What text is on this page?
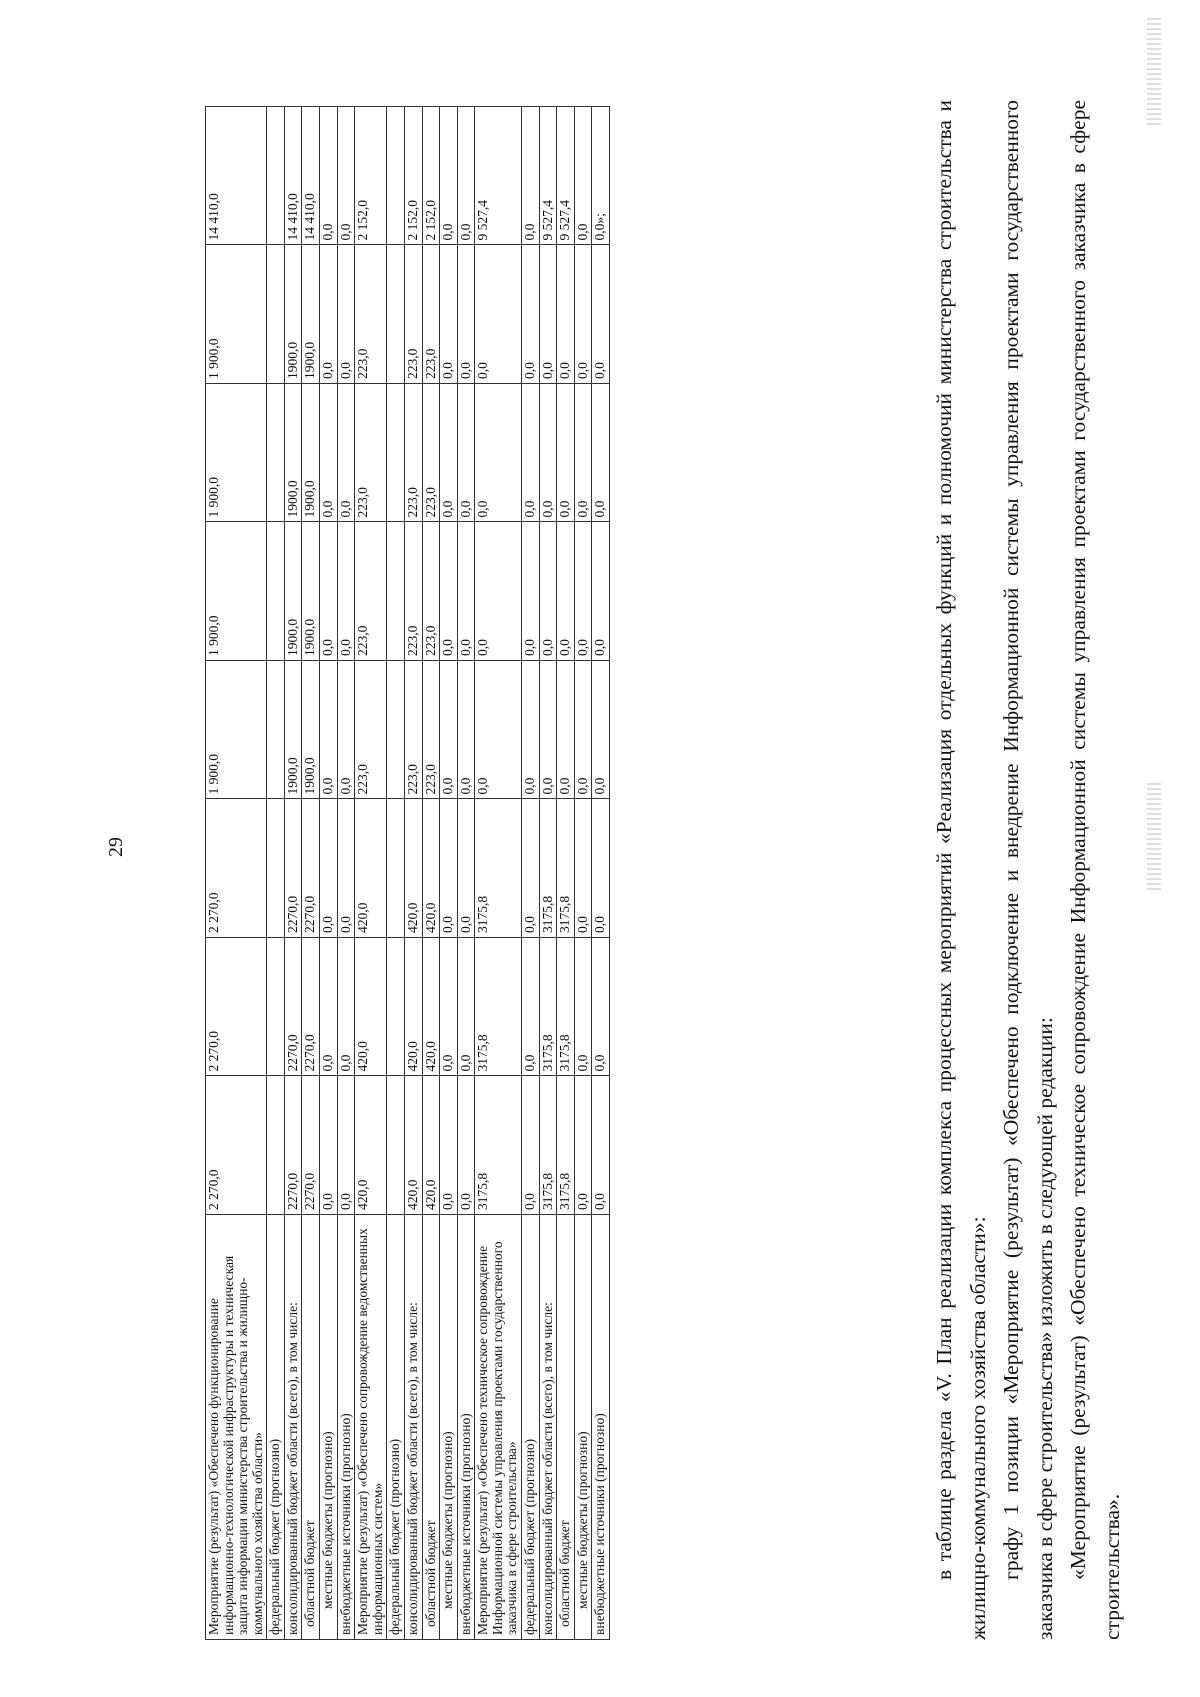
29
Мероприятие (результат) «Обеспечено функционирование информационно-технологической инфраструктуры и техническая защита информации министерства строительства и жилищно-коммунального хозяйства области»	2 270,0	2 270,0	2 270,0	1 900,0	1 900,0	1 900,0	1 900,0	14 410,0
федеральный бюджет (прогнозно)								
консолидированный бюджет области (всего), в том числе:	2270,0	2270,0	2270,0	1900,0	1900,0	1900,0	1900,0	14 410,0
областной бюджет	2270,0	2270,0	2270,0	1900,0	1900,0	1900,0	1900,0	14 410,0
местные бюджеты (прогнозно)	0,0	0,0	0,0	0,0	0,0	0,0	0,0	0,0
внебюджетные источники (прогнозно)	0,0	0,0	0,0	0,0	0,0	0,0	0,0	0,0
Мероприятие (результат) «Обеспечено сопровождение ведомственных информационных систем»	420,0	420,0	420,0	223,0	223,0	223,0	223,0	2 152,0
федеральный бюджет (прогнозно)								
консолидированный бюджет области (всего), в том числе:	420,0	420,0	420,0	223,0	223,0	223,0	223,0	2 152,0
областной бюджет	420,0	420,0	420,0	223,0	223,0	223,0	223,0	2 152,0
местные бюджеты (прогнозно)	0,0	0,0	0,0	0,0	0,0	0,0	0,0	0,0
внебюджетные источники (прогнозно)	0,0	0,0	0,0	0,0	0,0	0,0	0,0	0,0
Мероприятие (результат) «Обеспечено техническое сопровождение Информационной системы управления проектами государственного заказчика в сфере строительства»	3175,8	3175,8	3175,8	0,0	0,0	0,0	0,0	9 527,4
федеральный бюджет (прогнозно)	0,0	0,0	0,0	0,0	0,0	0,0	0,0	0,0
консолидированный бюджет области (всего), в том числе:	3175,8	3175,8	3175,8	0,0	0,0	0,0	0,0	9 527,4
областной бюджет	3175,8	3175,8	3175,8	0,0	0,0	0,0	0,0	9 527,4
местные бюджеты (прогнозно)	0,0	0,0	0,0	0,0	0,0	0,0	0,0	0,0
внебюджетные источники (прогнозно)	0,0	0,0	0,0	0,0	0,0	0,0	0,0	0,0»;	в таблице раздела «V. План реализации комплекса процессных мероприятий «Реализация отдельных функций и полномочий министерства строительства и жилищно-коммунального хозяйства области»: графу 1 позиции «Мероприятие (результат) «Обеспечено подключение и внедрение Информационной системы управления проектами государственного заказчика в сфере строительства» изложить в следующей редакции: «Мероприятие (результат) «Обеспечено техническое сопровождение Информационной системы управления проектами государственного заказчика в сфере строительства».
